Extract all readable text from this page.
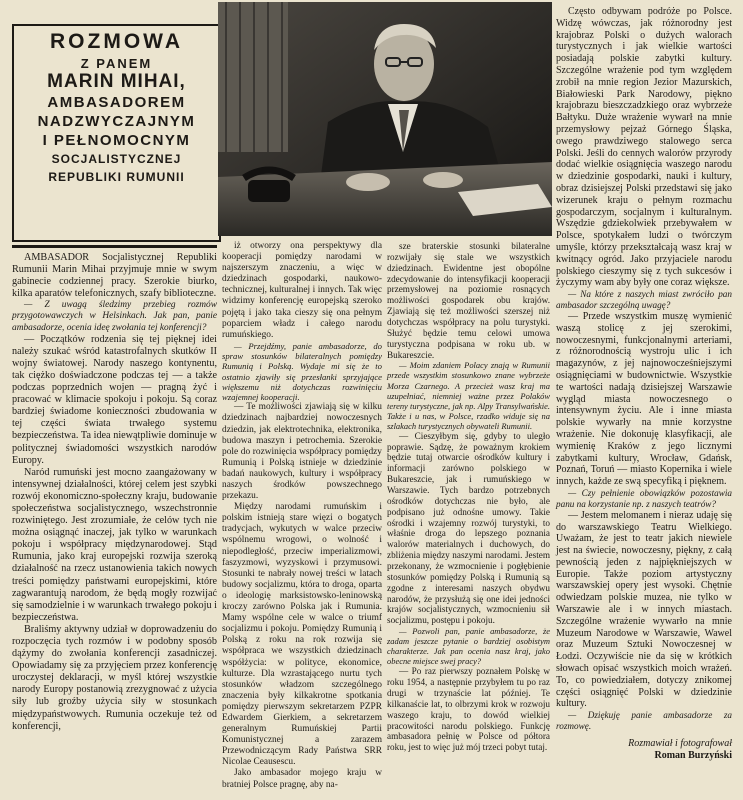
ROZMOWA
Z PANEM
MARIN MIHAI,
AMBASADOREM
NADZWYCZAJNYM
I PEŁNOMOCNYM
SOCJALISTYCZNEJ
REPUBLIKI RUMUNII

AMBASADOR Socjalistycznej Republiki Rumunii Marin Mihai przyjmuje mnie w swym gabinecie codziennej pracy. Szerokie biurko, kilka aparatów telefonicznych, szafy biblioteczne.

— Z uwagą śledzimy przebieg rozmów przygotowawczych w Helsinkach. Jak pan, panie ambasadorze, ocenia ideę zwołania tej konferencji?

— Początków rodzenia się tej pięknej idei należy szukać wśród katastrofalnych skutków II wojny światowej. Narody naszego kontynentu, tak ciężko doświadczone podczas tej — a także podczas poprzednich wojen — pragną żyć i pracować w klimacie spokoju i pokoju. Są coraz bardziej świadome konieczności zbudowania w tej części świata trwałego systemu bezpieczeństwa. Ta idea niewątpliwie dominuje w politycznej świadomości wszystkich narodów Europy.

Naród rumuński jest mocno zaangażowany w intensywnej działalności, której celem jest szybki rozwój ekonomiczno-społeczny kraju, budowanie społeczeństwa socjalistycznego, wszechstronnie rozwiniętego. Jest zrozumiałe, że celów tych nie można osiągnąć inaczej, jak tylko w warunkach pokoju i współpracy międzynarodowej. Stąd Rumunia, jako kraj europejski rozwija szeroką działalność na rzecz ustanowienia takich nowych treści pomiędzy państwami europejskimi, które zagwarantują narodom, że będą mogły rozwijać się samodzielnie i w warunkach trwałego pokoju i bezpieczeństwa.

Braliśmy aktywny udział w doprowadzeniu do rozpoczęcia tych rozmów i w podobny sposób dążymy do zwołania konferencji zasadniczej. Opowiadamy się za przyjęciem przez konferencję uroczystej deklaracji, w myśl której wszystkie narody Europy postanowią zrezygnować z użycia siły lub groźby użycia siły w stosunkach międzypaństwowych. Rumunia oczekuje też od konferencji,

iż otworzy ona perspektywy dla kooperacji pomiędzy narodami w najszerszym znaczeniu, a więc w dziedzinach gospodarki, naukowo-technicznej, kulturalnej i innych. Tak więc widzimy konferencję europejską szeroko pojętą i jako taka cieszy się ona pełnym poparciem władz i całego narodu rumuńskiego.

— Przejdźmy, panie ambasadorze, do spraw stosunków bilateralnych pomiędzy Rumunią i Polską. Wydaje mi się że to ostatnio zjawiły się przesłanki sprzyjające większemu niż dotychczas rozwinięciu wzajemnej kooperacji.

— Te możliwości zjawiają się w kilku dziedzinach najbardziej nowoczesnych dziedzin, jak elektrotechnika, elektronika, budowa maszyn i petrochemia. Szerokie pole do rozwinięcia współpracy pomiędzy Rumunią i Polską istnieje w dziedzinie badań naukowych, kultury i współpracy naszych środków powszechnego przekazu.

Między narodami rumuńskim i polskim istnieją stare więzi o bogatych tradycjach, wykutych w walce przeciw wspólnemu wrogowi, o wolność i niepodległość, przeciw imperializmowi, faszyzmowi, wyzyskowi i przymusowi. Stosunki te nabrały nowej treści w latach budowy socjalizmu, która to droga, oparta o ideologię marksistowsko-leninowską kroczy zarówno Polska jak i Rumunia. Mamy wspólne cele w walce o triumf socjalizmu i pokoju. Pomiędzy Rumunią i Polską z roku na rok rozwija się współpraca we wszystkich dziedzinach współżycia: w polityce, ekonomice, kulturze. Dla wzrastającego nurtu tych stosunków władzom szczególnego znaczenia były kilkakrotne spotkania pomiędzy pierwszym sekretarzem PZPR Edwardem Gierkiem, a sekretarzem generalnym Rumuńskiej Partii Komunistycznej a zarazem Przewodniczącym Rady Państwa SRR Nicolae Ceausescu.

Jako ambasador mojego kraju w bratniej Polsce pragnę, aby na-

sze braterskie stosunki bilateralne rozwijały się stale we wszystkich dziedzinach. Ewidentne jest obopólne zdecydowanie do intensyfikacji kooperacji przemysłowej na poziomie rosnących możliwości gospodarek obu krajów. Zjawiają się też możliwości szerszej niż dotychczas współpracy na polu turystyki. Służyć będzie temu celowi umowa turystyczna podpisana w roku ub. w Bukareszcie.

— Moim zdaniem Polacy znają w Rumunii przede wszystkim stosunkowo znane wybrzeże Morza Czarnego. A przecież wasz kraj ma uzupełniać, niemniej ważne przez Polaków tereny turystyczne, jak np. Alpy Transylwańskie. Także i u nas, w Polsce, rzadko widuje się na szlakach turystycznych obywateli Rumunii.

— Cieszyłbym się, gdyby to uległo poprawie. Sądzę, że poważnym krokiem będzie tutaj otwarcie ośrodków kultury i informacji zarówno polskiego w Bukareszcie, jak i rumuńskiego w Warszawie. Tych bardzo potrzebnych ośrodków dotychczas nie było, ale podpisano już odnośne umowy. Takie ośrodki i wzajemny rozwój turystyki, to właśnie droga do lepszego poznania walorów materialnych i duchowych, do zbliżenia między naszymi narodami. Jestem przekonany, że wzmocnienie i pogłębienie stosunków pomiędzy Polską i Rumunią są zgodne z interesami naszych obydwu narodów, że przysłużą się one idei jedności krajów socjalistycznych, wzmocnieniu sił socjalizmu, postępu i pokoju.

— Pozwoli pan, panie ambasadorze, że zadam jeszcze pytanie o bardziej osobistym charakterze. Jak pan ocenia nasz kraj, jako obecne miejsce swej pracy?

— Po raz pierwszy poznałem Polskę w roku 1954, a następnie przybyłem tu po raz drugi w trzynaście lat później. Te kilkanaście lat, to olbrzymi krok w rozwoju waszego kraju, to dowód wielkiej pracowitości narodu polskiego. Funkcję ambasadora pełnię w Polsce od półtora roku, jest to więc już mój trzeci pobyt tutaj.

Często odbywam podróże po Polsce. Widzę wówczas, jak różnorodny jest krajobraz Polski o dużych walorach turystycznych i jak wielkie wartości posiadają polskie zabytki kultury. Szczególne wrażenie pod tym względem zrobił na mnie region Jezior Mazurskich, Białowieski Park Narodowy, piękno krajobrazu bieszczadzkiego oraz wybrzeże Bałtyku. Duże wrażenie wywarł na mnie przemysłowy pejzaż Górnego Śląska, owego prawdziwego stalowego serca Polski. Jeśli do cennych walorów przyrody dodać wielkie osiągnięcia waszego narodu w dziedzinie gospodarki, nauki i kultury, obraz dzisiejszej Polski przedstawi się jako wizerunek kraju o pełnym rozmachu gospodarczym, socjalnym i kulturalnym. Wszędzie gdziekolwiek przebywałem w Polsce, spotykałem ludzi o twórczym umyśle, którzy przekształcają wasz kraj w kwitnący ogród. Jako przyjaciele narodu polskiego cieszymy się z tych sukcesów i życzymy wam aby były one coraz większe.

— Na które z naszych miast zwróciło pan ambasador szczególną uwagę?

— Przede wszystkim muszę wymienić waszą stolicę z jej szerokimi, nowoczesnymi, funkcjonalnymi arteriami, z różnorodnością wystroju ulic i ich magazynów, z jej najnowocześniejszymi osiągnięciami w budownictwie. Wszystkie te wartości nadają dzisiejszej Warszawie wygląd miasta nowoczesnego o intensywnym życiu. Ale i inne miasta polskie wywarły na mnie korzystne wrażenie. Nie dokonuję klasyfikacji, ale wymienię Kraków z jego licznymi zabytkami kultury, Wrocław, Gdańsk, Poznań, Toruń — miasto Kopernika i wiele innych, każde ze swą specyfiką i pięknem.

— Czy pełnienie obowiązków pozostawia panu na korzystanie np. z naszych teatrów?

— Jestem melomanem i nieraz udaję się do warszawskiego Teatru Wielkiego. Uważam, że jest to teatr jakich niewiele jest na świecie, nowoczesny, piękny, z całą pewnością jeden z najpiękniejszych w Europie. Także poziom artystyczny warszawskiej opery jest wysoki. Chętnie odwiedzam polskie muzea, nie tylko w Warszawie ale i w innych miastach. Szczególne wrażenie wywarło na mnie Muzeum Narodowe w Warszawie, Wawel oraz Muzeum Sztuki Nowoczesnej w Łodzi. Oczywiście nie da się w krótkich słowach opisać wszystkich moich wrażeń. To, co powiedziałem, dotyczy znikomej części osiągnięć Polski w dziedzinie kultury.

— Dziękuję panie ambasadorze za rozmowę.

Rozmawiał i fotografował
Roman Burzyński
